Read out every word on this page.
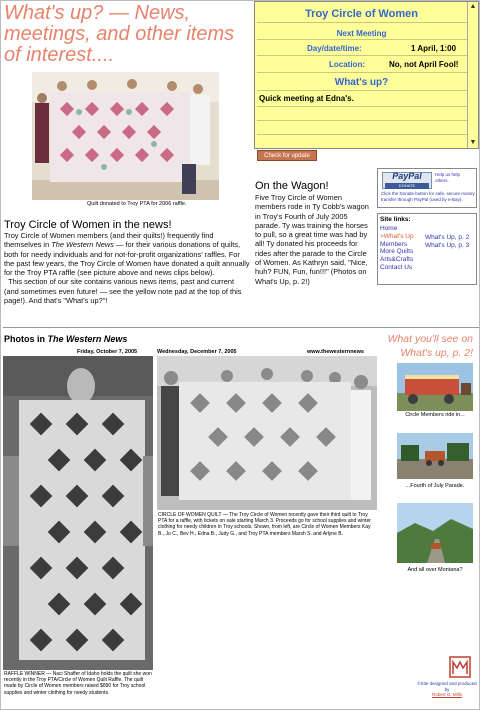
What's up? — News, meetings, and other items of interest....
Troy Circle of Women
Next Meeting
Day/date/time:	1 April, 1:00
Location:	No, not April Fool!
What's up?
Quick meeting at Edna's.
▲
▼
Check for update
Quilt donated to Troy PTA for 2006 raffle.
Troy Circle of Women in the news!
Troy Circle of Women members (and their quilts!) frequently find themselves in The Western News — for their various donations of quilts, both for needy individuals and for not-for-profit organizations' raffles. For the past few years, the Troy Circle of Women have donated a quilt annually for the Troy PTA raffle (see picture above and news clips below).
This section of our site contains various news items, past and current (and sometimes even future! — see the yellow note pad at the top of this page!). And that's "What's up?"!
On the Wagon!
Five Troy Circle of Women members rode in Ty Cobb's wagon in Troy's Fourth of July 2005 parade. Ty was training the horses to pull, so a great time was had by all! Ty donated his proceeds for rides after the parade to the Circle of Women. As Kathryn said, "Nice, huh? FUN, Fun, fun!!!" (Photos on What's Up, p. 2!)
PayPal
DONATE
Help us help others.
Click the Donate button for safe, secure money transfer through PayPal (used by e-Bay).
Site links:
Home
>What's Up
Members
More Quilts
Arts&Crafts
Contact Us
What's Up, p. 2
What's Up, p. 3
Photos in The Western News	What you'll see on What's up, p. 2!
Friday, October 7, 2005	Wednesday, December 7, 2005	www.thewesternnews
RAFFLE WINNER — Naci Shaffer of Idaho holds the quilt she won recently in the Troy PTA/Circle of Women Quilt Raffle. The quilt made by Circle of Women members raised $890 for Troy school supplies and winter clothing for needy students.
CIRCLE OF WOMEN QUILT — The Troy Circle of Women recently gave their third quilt to Troy PTA for a raffle, with tickets on sale starting March 3. Proceeds go for school supplies and winter clothing for needy children in Troy schools. Shown, from left, are Circle of Women Members Kay B., Jo C., Bev H., Edna B., Judy G., and Troy PTA members Marsh S. and Arlyne B.
Circle Members ride in...
...Fourth of July Parade.
And all over Montana?
©Site designed and produced by
Robert G. Mills
